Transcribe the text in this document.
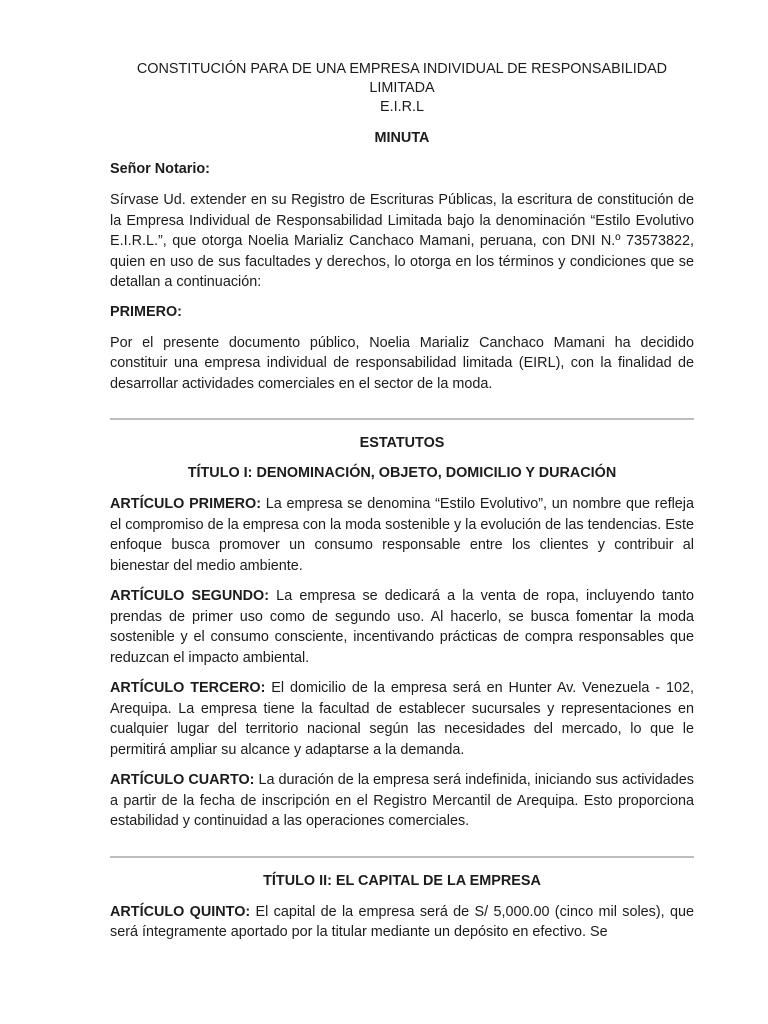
CONSTITUCIÓN PARA DE UNA EMPRESA INDIVIDUAL DE RESPONSABILIDAD LIMITADA
E.I.R.L

MINUTA

Señor Notario:

Sírvase Ud. extender en su Registro de Escrituras Públicas, la escritura de constitución de la Empresa Individual de Responsabilidad Limitada bajo la denominación “Estilo Evolutivo E.I.R.L.”, que otorga Noelia Marializ Canchaco Mamani, peruana, con DNI N.º 73573822, quien en uso de sus facultades y derechos, lo otorga en los términos y condiciones que se detallan a continuación:

PRIMERO:

Por el presente documento público, Noelia Marializ Canchaco Mamani ha decidido constituir una empresa individual de responsabilidad limitada (EIRL), con la finalidad de desarrollar actividades comerciales en el sector de la moda.

ESTATUTOS

TÍTULO I: DENOMINACIÓN, OBJETO, DOMICILIO Y DURACIÓN

ARTÍCULO PRIMERO: La empresa se denomina “Estilo Evolutivo”, un nombre que refleja el compromiso de la empresa con la moda sostenible y la evolución de las tendencias. Este enfoque busca promover un consumo responsable entre los clientes y contribuir al bienestar del medio ambiente.

ARTÍCULO SEGUNDO: La empresa se dedicará a la venta de ropa, incluyendo tanto prendas de primer uso como de segundo uso. Al hacerlo, se busca fomentar la moda sostenible y el consumo consciente, incentivando prácticas de compra responsables que reduzcan el impacto ambiental.

ARTÍCULO TERCERO: El domicilio de la empresa será en Hunter Av. Venezuela - 102, Arequipa. La empresa tiene la facultad de establecer sucursales y representaciones en cualquier lugar del territorio nacional según las necesidades del mercado, lo que le permitirá ampliar su alcance y adaptarse a la demanda.

ARTÍCULO CUARTO: La duración de la empresa será indefinida, iniciando sus actividades a partir de la fecha de inscripción en el Registro Mercantil de Arequipa. Esto proporciona estabilidad y continuidad a las operaciones comerciales.

TÍTULO II: EL CAPITAL DE LA EMPRESA

ARTÍCULO QUINTO: El capital de la empresa será de S/ 5,000.00 (cinco mil soles), que será íntegramente aportado por la titular mediante un depósito en efectivo. Se
